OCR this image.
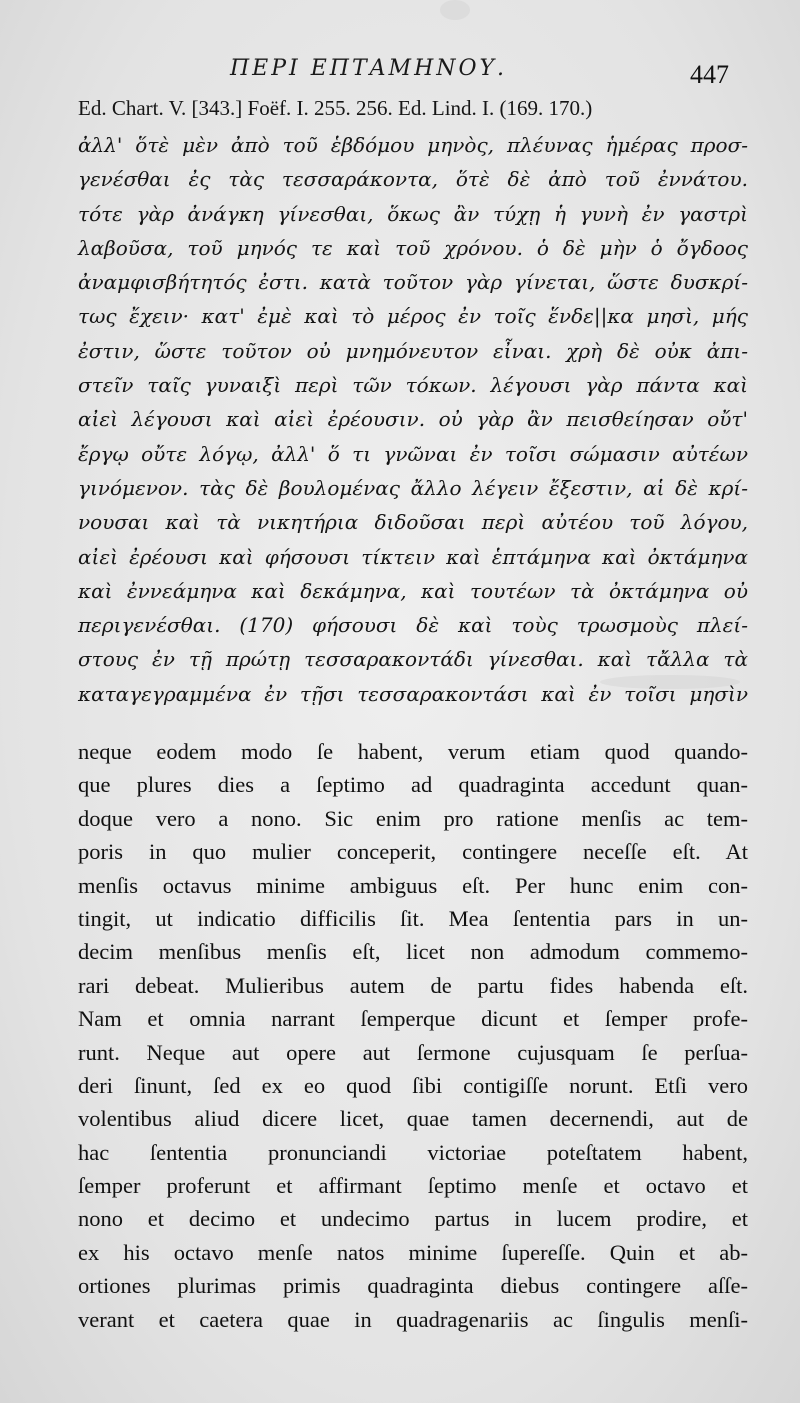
ΠΕΡΙ ΕΠΤΑΜΗΝΟΥ.	447
Ed. Chart. V. [343.] Foëf. I. 255. 256. Ed. Lind. I. (169. 170.)
ἀλλ' ὅτὲ μὲν ἀπὸ τοῦ ἑβδόμου μηνὸς, πλέυνας ἡμέρας προσ-
γενέσθαι ἐς τὰς τεσσαράκοντα, ὅτὲ δὲ ἀπὸ τοῦ ἐννάτου.
τότε γὰρ ἀνάγκη γίνεσθαι, ὅκως ἂν τύχῃ ἡ γυνὴ ἐν γαστρὶ
λαβοῦσα, τοῦ μηνός τε καὶ τοῦ χρόνου. ὁ δὲ μὴν ὁ ὄγδοος
ἀναμφισβήτητός ἐστι. κατὰ τοῦτον γὰρ γίνεται, ὥστε δυσκρί-
τως ἔχειν· κατ' ἐμὲ καὶ τὸ μέρος ἐν τοῖς ἕνδε||κα μησὶ, μής
ἐστιν, ὥστε τοῦτον οὐ μνημόνευτον εἶναι. χρὴ δὲ οὐκ ἀπι-
στεῖν ταῖς γυναιξὶ περὶ τῶν τόκων. λέγουσι γὰρ πάντα καὶ
αἰεὶ λέγουσι καὶ αἰεὶ ἐρέουσιν. οὐ γὰρ ἂν πεισθείησαν οὔτ'
ἔργῳ οὔτε λόγῳ, ἀλλ' ὅ τι γνῶναι ἐν τοῖσι σώμασιν αὐτέων
γινόμενον. τὰς δὲ βουλομένας ἄλλο λέγειν ἔξεστιν, αἱ δὲ κρί-
νουσαι καὶ τὰ νικητήρια διδοῦσαι περὶ αὐτέου τοῦ λόγου,
αἰεὶ ἐρέουσι καὶ φήσουσι τίκτειν καὶ ἑπτάμηνα καὶ ὀκτάμηνα
καὶ ἐννεάμηνα καὶ δεκάμηνα, καὶ τουτέων τὰ ὀκτάμηνα οὐ
περιγενέσθαι. (170) φήσουσι δὲ καὶ τοὺς τρωσμοὺς πλεί-
στους ἐν τῇ πρώτῃ τεσσαρακοντάδι γίνεσθαι. καὶ τἄλλα τὰ
καταγεγραμμένα ἐν τῇσι τεσσαρακοντάσι καὶ ἐν τοῖσι μησὶν
neque eodem modo ſe habent, verum etiam quod quando-
que plures dies a ſeptimo ad quadraginta accedunt quan-
doque vero a nono. Sic enim pro ratione menſis ac tem-
poris in quo mulier conceperit, contingere neceſſe eſt. At
menſis octavus minime ambiguus eſt. Per hunc enim con-
tingit, ut indicatio difficilis ſit. Mea ſententia pars in un-
decim menſibus menſis eſt, licet non admodum commemo-
rari debeat. Mulieribus autem de partu fides habenda eſt.
Nam et omnia narrant ſemperque dicunt et ſemper profe-
runt. Neque aut opere aut ſermone cujusquam ſe perſua-
deri ſinunt, ſed ex eo quod ſibi contigiſſe norunt. Etſi vero
volentibus aliud dicere licet, quae tamen decernendi, aut de
hac ſententia pronunciandi victoriae poteſtatem habent,
ſemper proferunt et affirmant ſeptimo menſe et octavo et
nono et decimo et undecimo partus in lucem prodire, et
ex his octavo menſe natos minime ſupereſſe. Quin et ab-
ortiones plurimas primis quadraginta diebus contingere aſſe-
verant et caetera quae in quadragenariis ac ſingulis menſi-
